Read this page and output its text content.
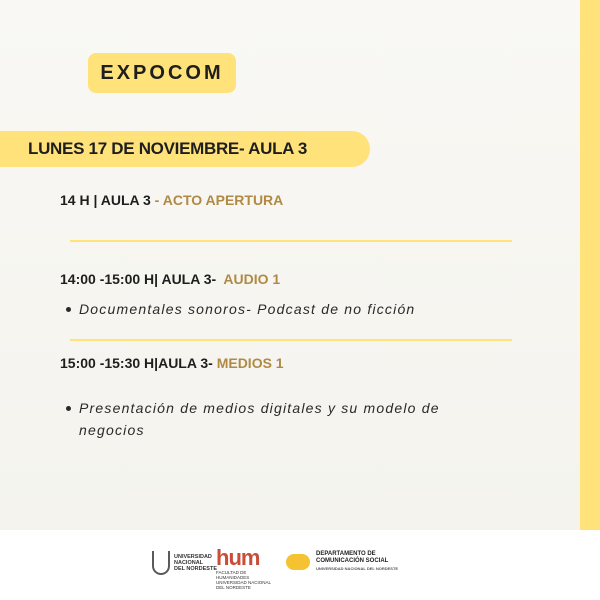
EXPOCOM
LUNES 17 DE NOVIEMBRE- AULA 3
14 H | AULA 3 - ACTO APERTURA
14:00 -15:00 H| AULA 3- AUDIO 1
Documentales sonoros- Podcast de no ficción
15:00 -15:30 H|AULA 3- MEDIOS 1
Presentación de medios digitales y su modelo de negocios
UNIVERSIDAD
NACIONAL
DEL NORDESTE hum
FACULTAD DE HUMANIDADES
UNIVERSIDAD NACIONAL DEL NORDESTE
DEPARTAMENTO DE
COMUNICACIÓN SOCIAL
UNIVERSIDAD NACIONAL DEL NORDESTE
